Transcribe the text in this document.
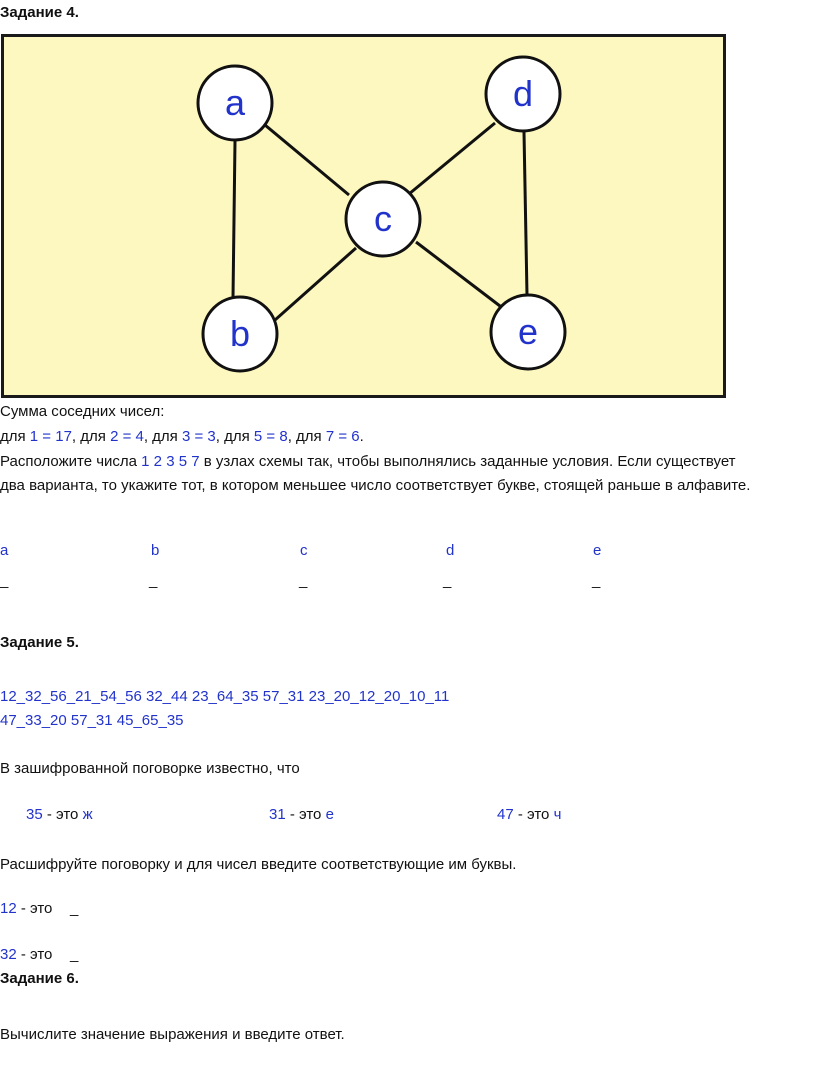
Задание 4.
a	d
c
b	e
Сумма соседних чисел:
для 1 = 17, для 2 = 4, для 3 = 3, для 5 = 8, для 7 = 6.
Расположите числа 1 2 3 5 7 в узлах схемы так, чтобы выполнялись заданные условия. Если существует
два варианта, то укажите тот, в котором меньшее число соответствует букве, стоящей раньше в алфавите.
a	b	c	d	e
_	_	_	_	_
Задание 5.
12_32_56_21_54_56 32_44 23_64_35 57_31 23_20_12_20_10_11
47_33_20 57_31 45_65_35
В зашифрованной поговорке известно, что
35 - это ж	31 - это е	47 - это ч
Расшифруйте поговорку и для чисел введите соответствующие им буквы.
12 - это _
32 - это _
Задание 6.
Вычислите значение выражения и введите ответ.
